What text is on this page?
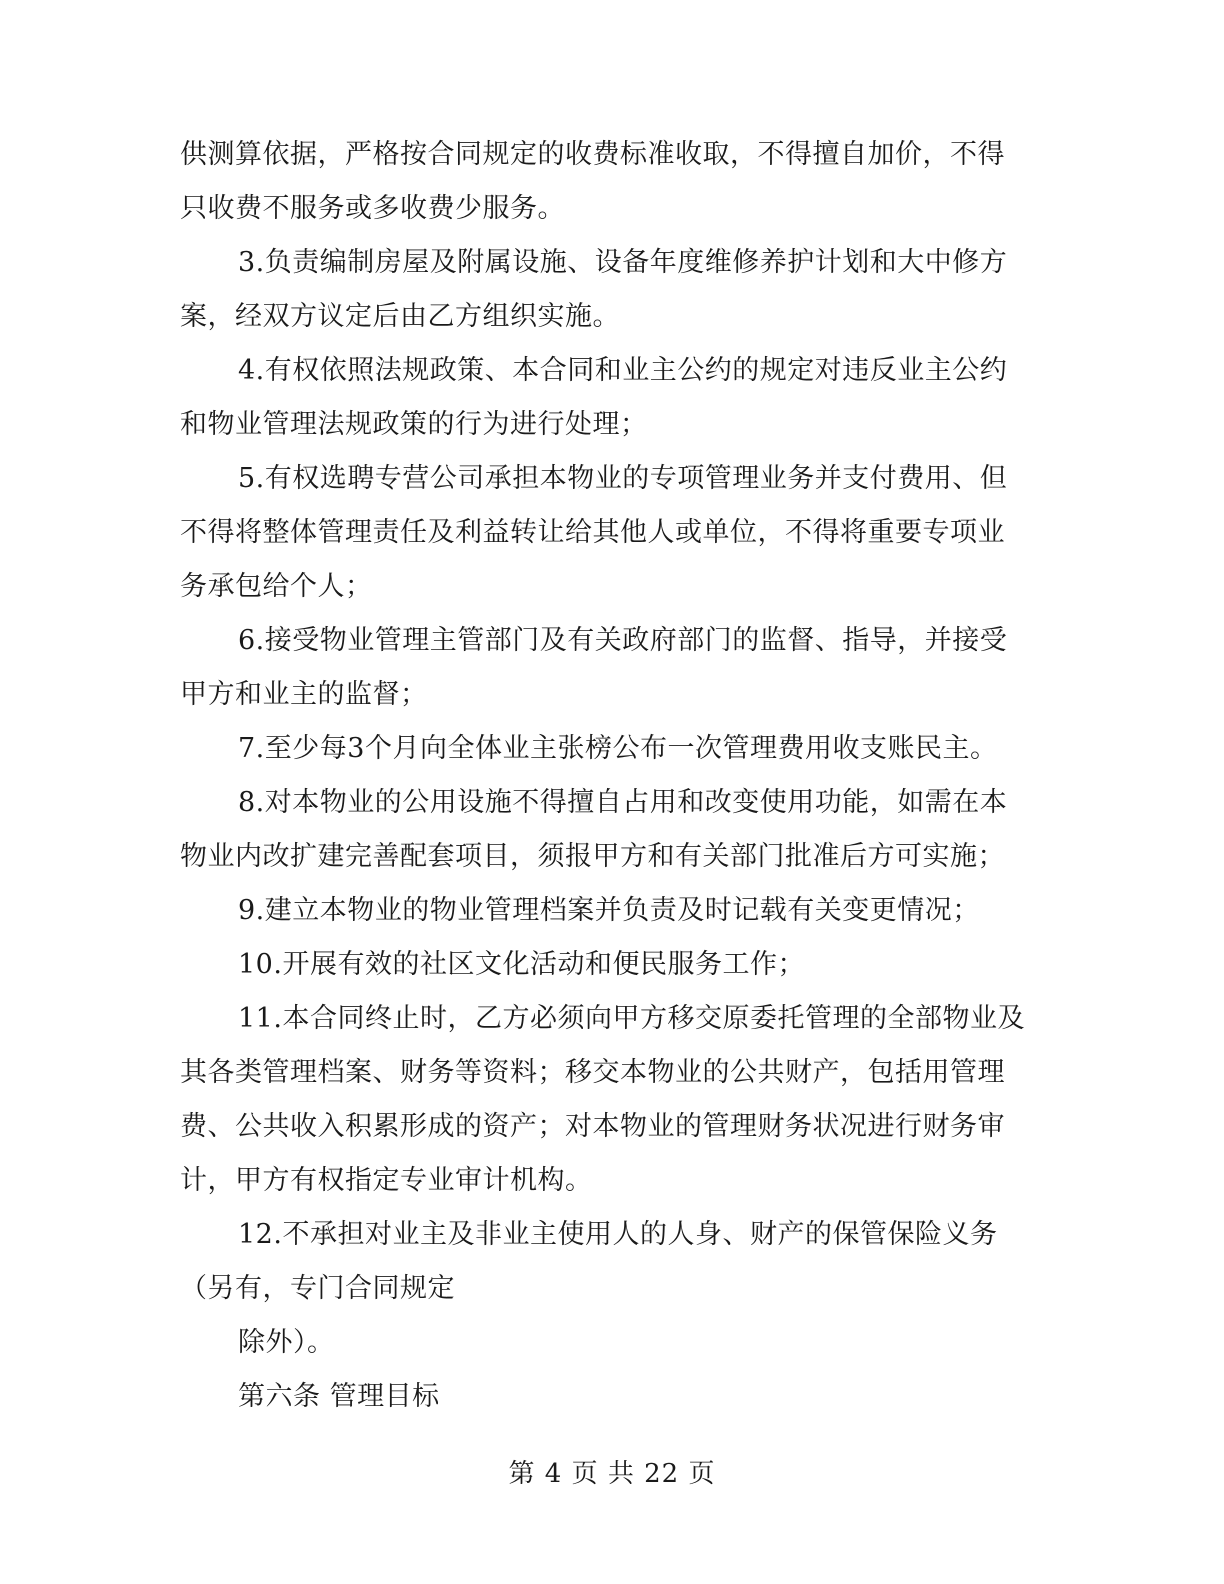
供测算依据，严格按合同规定的收费标准收取，不得擅自加价，不得
只收费不服务或多收费少服务。
3.负责编制房屋及附属设施、设备年度维修养护计划和大中修方
案，经双方议定后由乙方组织实施。
4.有权依照法规政策、本合同和业主公约的规定对违反业主公约
和物业管理法规政策的行为进行处理；
5.有权选聘专营公司承担本物业的专项管理业务并支付费用、但
不得将整体管理责任及利益转让给其他人或单位，不得将重要专项业
务承包给个人；
6.接受物业管理主管部门及有关政府部门的监督、指导，并接受
甲方和业主的监督；
7.至少每3个月向全体业主张榜公布一次管理费用收支账民主。
8.对本物业的公用设施不得擅自占用和改变使用功能，如需在本
物业内改扩建完善配套项目，须报甲方和有关部门批准后方可实施；
9.建立本物业的物业管理档案并负责及时记载有关变更情况；
10.开展有效的社区文化活动和便民服务工作；
11.本合同终止时，乙方必须向甲方移交原委托管理的全部物业及
其各类管理档案、财务等资料；移交本物业的公共财产，包括用管理
费、公共收入积累形成的资产；对本物业的管理财务状况进行财务审
计，甲方有权指定专业审计机构。
12.不承担对业主及非业主使用人的人身、财产的保管保险义务
（另有，专门合同规定
除外）。
第六条 管理目标
第 4 页 共 22 页
